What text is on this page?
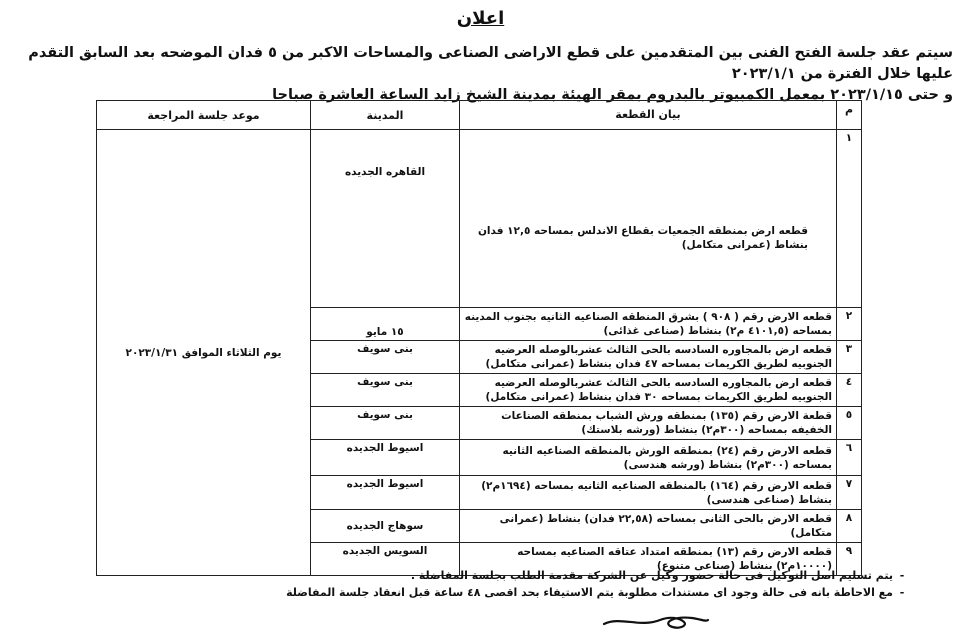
اعلان
سيتم عقد جلسة الفتح الفنى بين المتقدمين على قطع الاراضى الصناعى والمساحات الاكبر من ٥ فدان الموضحه بعد السابق التقدم عليها خلال الفترة من ٢٠٢٣/١/١
و حتى ٢٠٢٣/١/١٥ بمعمل الكمبيوتر بالبدروم بمقر الهيئة بمدينة الشيخ زايد الساعة العاشرة صباحا
م	بيان القطعة	المدينة	موعد جلسة المراجعة
١	قطعه ارض بمنطقه الجمعيات بقطاع الاندلس بمساحه ١٢,٥ فدان بنشاط (عمرانى متكامل)	القاهره الجديده	يوم الثلاثاء الموافق ٢٠٢٣/١/٣١
٢	قطعه الارض رقم ( ٩٠٨ ) بشرق المنطقه الصناعيه الثانيه بجنوب المدينه بمساحه (٤١٠١,٥ م٢) بنشاط (صناعى غذائى)	١٥ مايو	
٣	قطعه ارض بالمجاوره السادسه بالحى الثالث عشربالوصله العرضيه الجنوبيه لطريق الكريمات بمساحه ٤٧ فدان بنشاط (عمرانى متكامل)	بنى سويف	
٤	قطعه ارض بالمجاوره السادسه بالحى الثالث عشربالوصله العرضيه الجنوبيه لطريق الكريمات بمساحه ٣٠ فدان بنشاط (عمرانى متكامل)	بنى سويف	
٥	قطعة الارض رقم (١٣٥) بمنطقه ورش الشباب بمنطقه الصناعات الخفيفه بمساحه (٣٠٠م٢) بنشاط (ورشه بلاستك)	بنى سويف	
٦	قطعه الارض رقم (٢٤) بمنطقه الورش بالمنطقه الصناعيه الثانيه بمساحه (٣٠٠م٢) بنشاط (ورشه هندسى)	اسيوط الجديده	
٧	قطعه الارض رقم (١٦٤) بالمنطقه الصناعيه الثانيه بمساحه (١٦٩٤م٢) بنشاط (صناعى هندسى)	اسيوط الجديده	
٨	قطعه الارض بالحى الثانى بمساحه (٢٢,٥٨ فدان) بنشاط (عمرانى متكامل)	سوهاج الجديده	
٩	قطعه الارض رقم (١٣) بمنطقه امتداد عتاقه الصناعيه بمساحه (١٠٠٠٠م٢) بنشاط (صناعى متنوع)	السويس الجديده	
-
يتم تسليم اصل التوكيل فى حالة حضور وكيل عن الشركة مقدمة الطلب بجلسة المفاضلة .
-
مع الاحاطة بانه فى حالة وجود اى مستندات مطلوبة يتم الاستيفاء بحد اقصى ٤٨ ساعة قبل انعقاد جلسة المفاضلة
